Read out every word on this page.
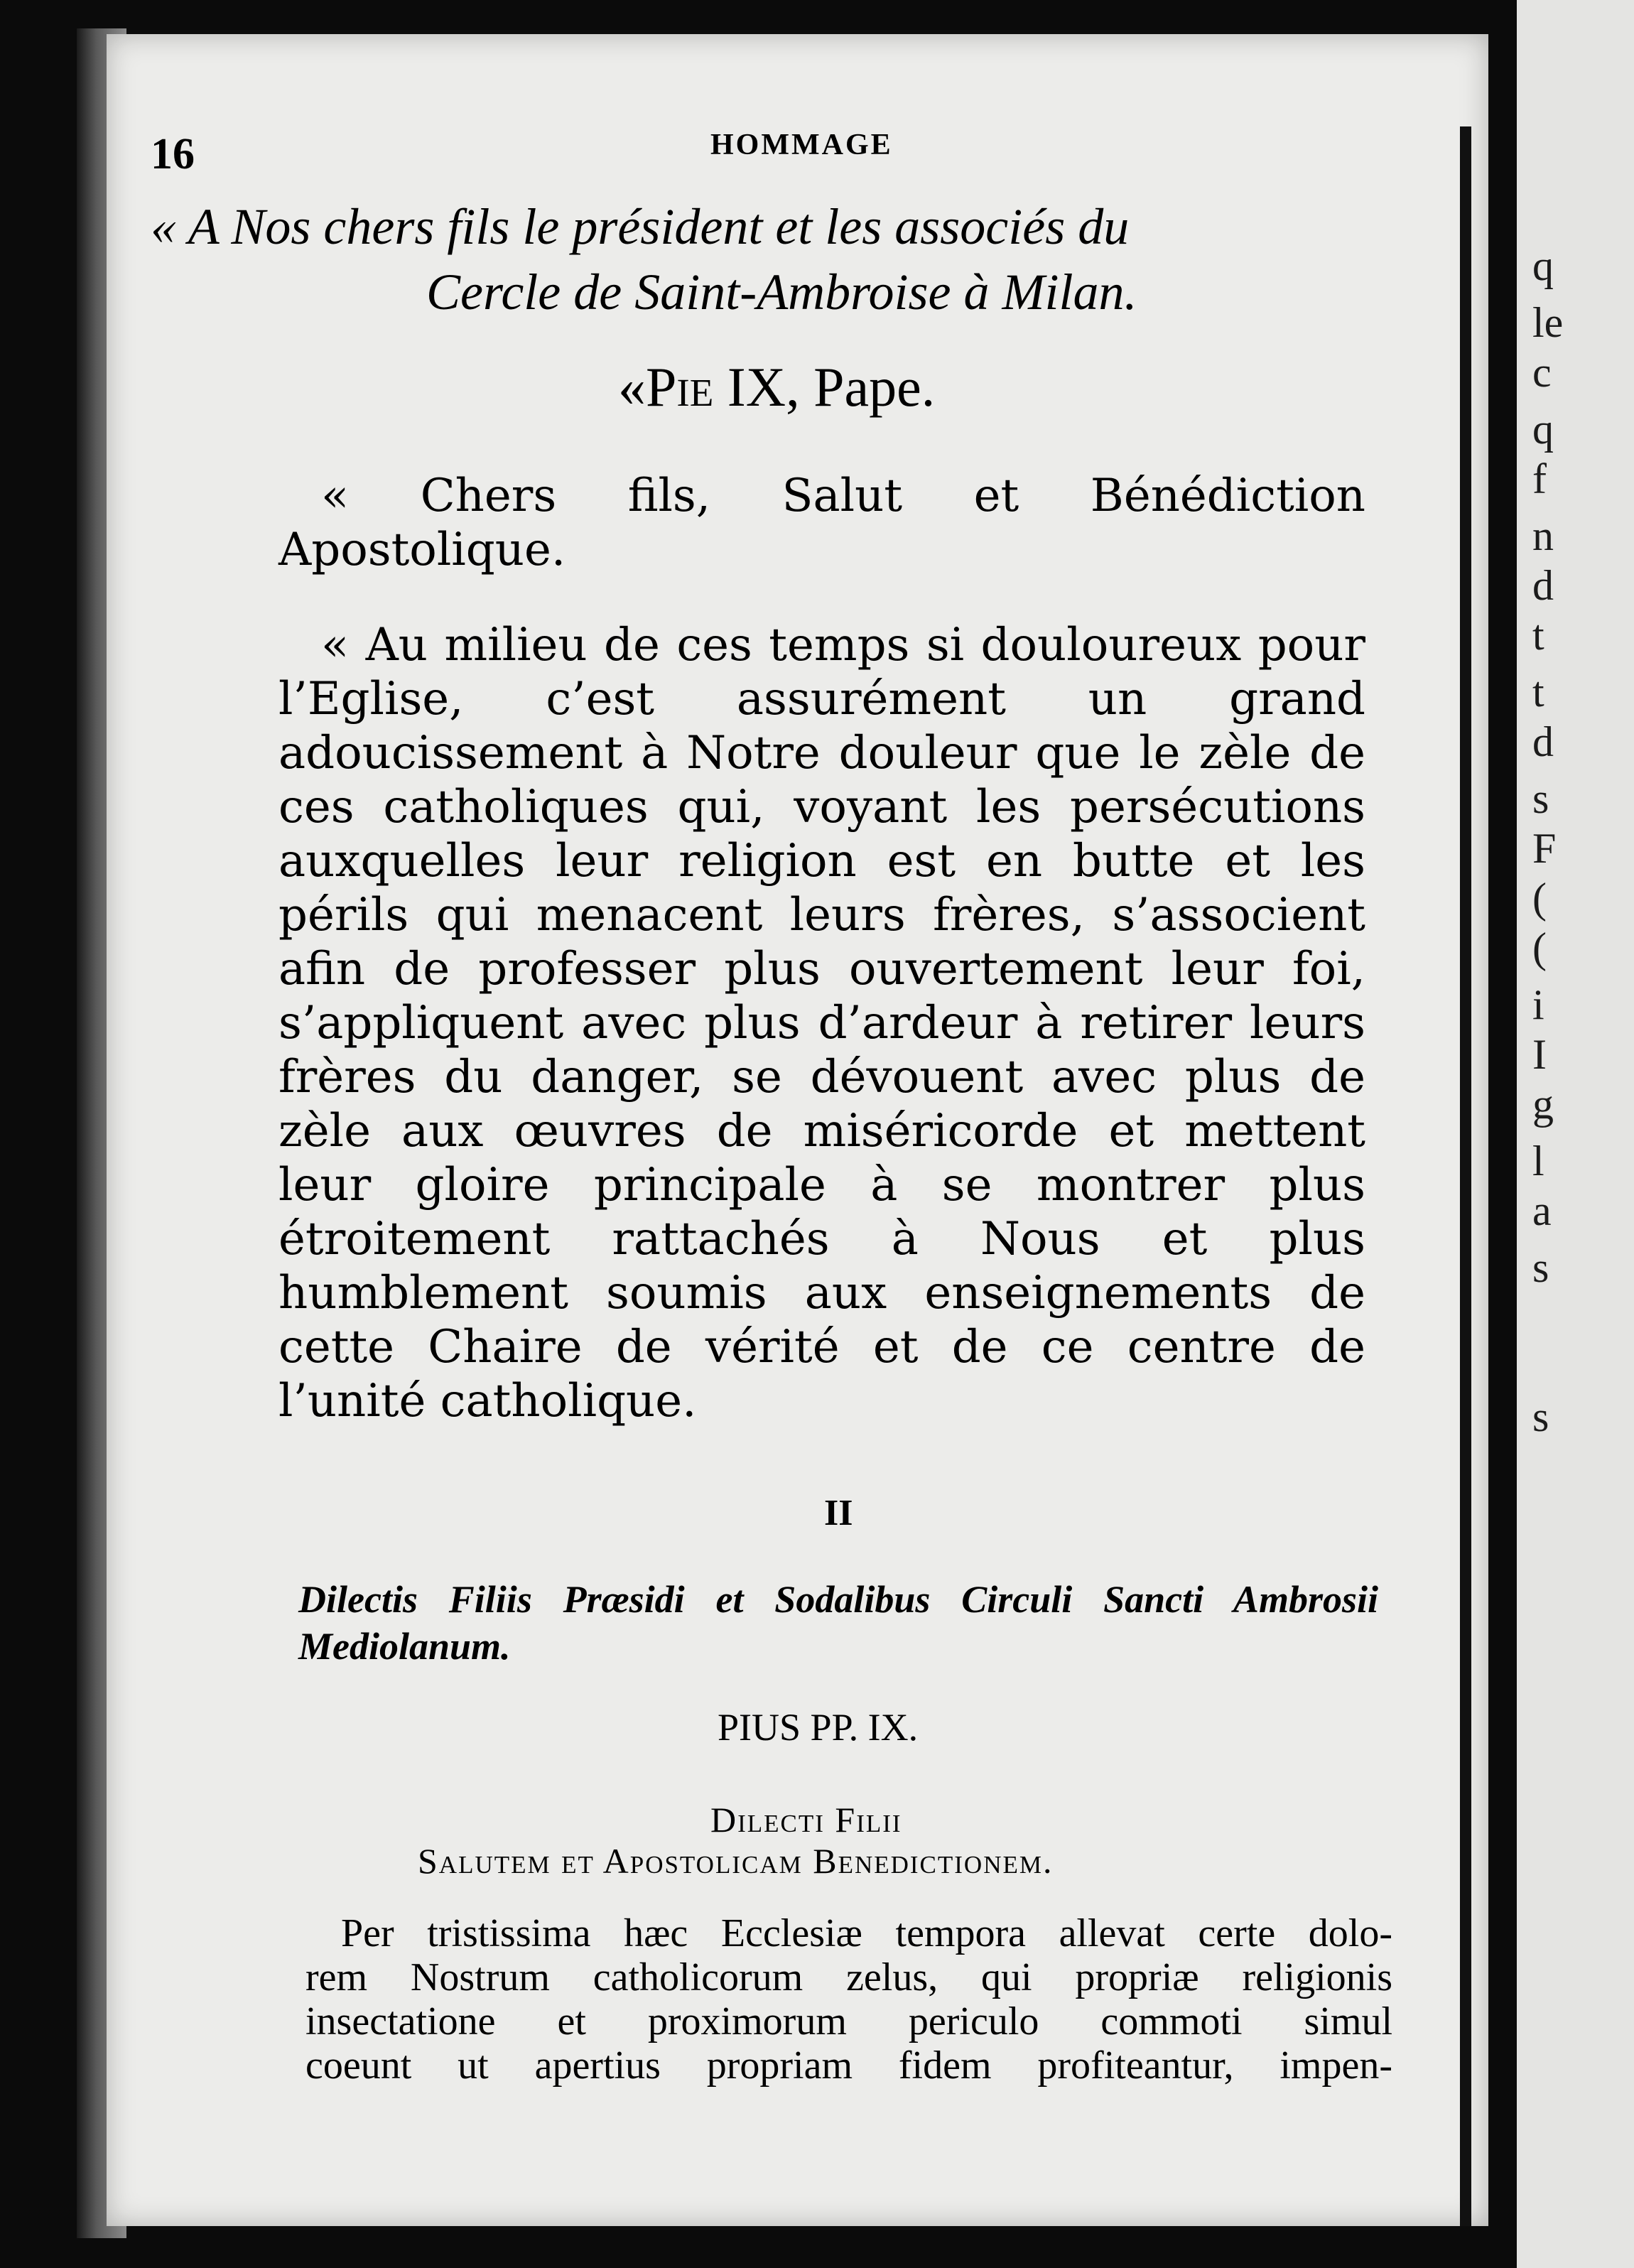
16	HOMMAGE
« A Nos chers fils le président et les associés du
Cercle de Saint-Ambroise à Milan.
«Pie IX, Pape.
« Chers fils, Salut et Bénédiction Apostolique.
« Au milieu de ces temps si douloureux pour l’Eglise, c’est assurément un grand adoucissement à Notre douleur que le zèle de ces catholiques qui, voyant les persécutions auxquelles leur religion est en butte et les périls qui menacent leurs frères, s’associent afin de professer plus ouvertement leur foi, s’appliquent avec plus d’ardeur à retirer leurs frères du danger, se dévouent avec plus de zèle aux œuvres de miséricorde et mettent leur gloire principale à se montrer plus étroitement rattachés à Nous et plus humblement soumis aux enseignements de cette Chaire de vérité et de ce centre de l’unité catholique.
II
Dilectis Filiis Præsidi et Sodalibus Circuli Sancti Ambrosii Mediolanum.
PIUS PP. IX.
Dilecti Filii
Salutem et Apostolicam Benedictionem.
Per tristissima hæc Ecclesiæ tempora allevat certe dolo-
rem Nostrum catholicorum zelus, qui propriæ religionis
insectatione et proximorum periculo commoti simul
coeunt ut apertius propriam fidem profiteantur, impen-
q
le
c
q
f
n
d
t
t
d
s
F
(
(
i
I
g
l
a
s
s
